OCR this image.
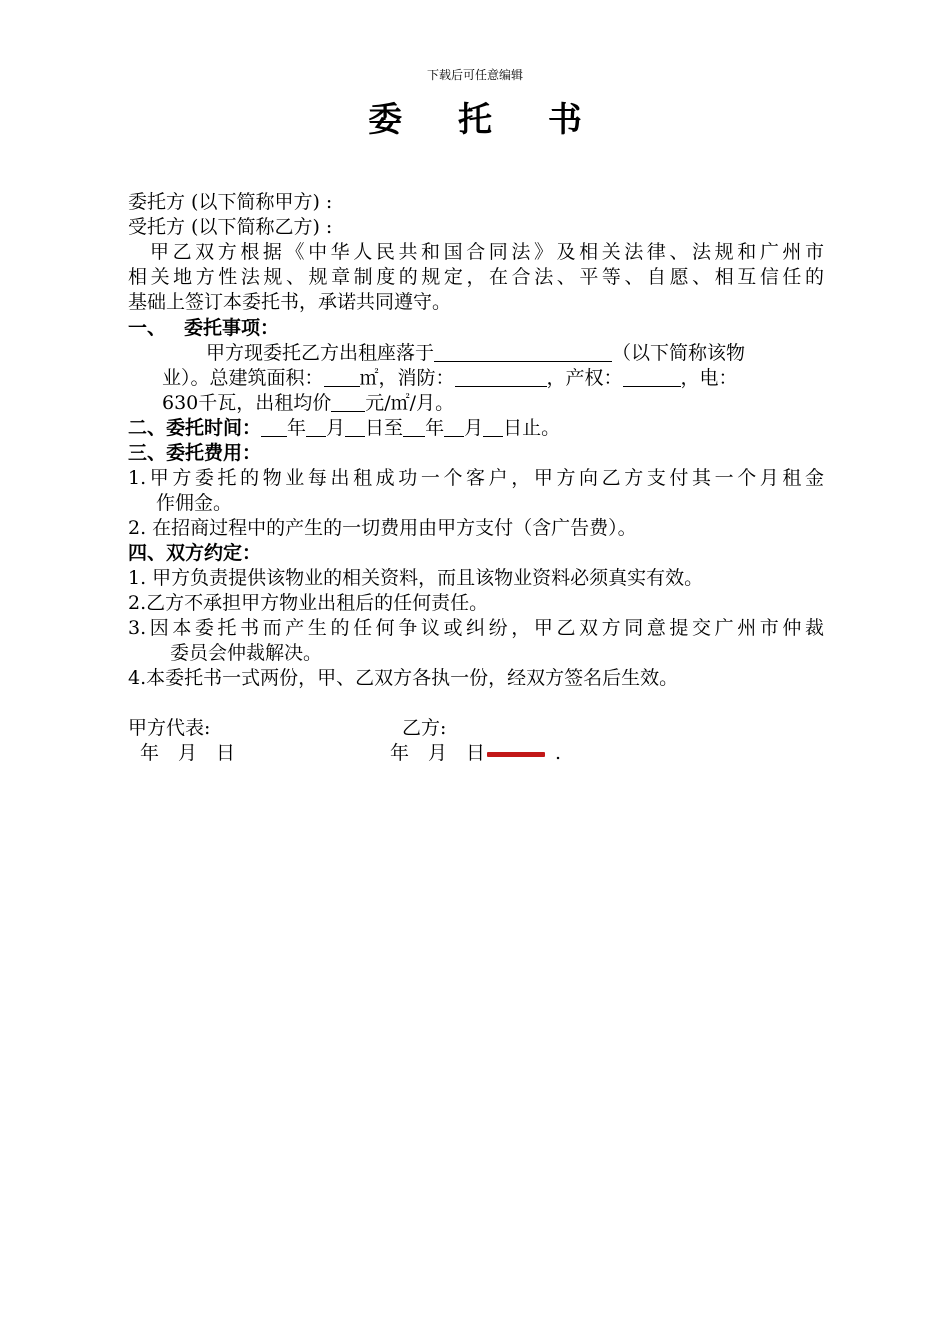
下载后可任意编辑
委 托 书
委托方 (以下简称甲方) :
受托方 (以下简称乙方) :
甲乙双方根据《中华人民共和国合同法》及相关法律、法规和广州市
相关地方性法规、规章制度的规定，在合法、平等、自愿、相互信任的
基础上签订本委托书，承诺共同遵守。
一、 委托事项：
甲方现委托乙方出租座落于	（以下简称该物
业）。总建筑面积： ㎡，消防：	，产权：	，电：
630千瓦，出租均价 元/㎡/月。
二、委托时间： 年 月 日至 年 月 日止。
三、委托费用：
1.甲方委托的物业每出租成功一个客户，甲方向乙方支付其一个月租金
作佣金。
2. 在招商过程中的产生的一切费用由甲方支付（含广告费）。
四、双方约定：
1. 甲方负责提供该物业的相关资料，而且该物业资料必须真实有效。
2.乙方不承担甲方物业出租后的任何责任。
3.因本委托书而产生的任何争议或纠纷，甲乙双方同意提交广州市仲裁
委员会仲裁解决。
4.本委托书一式两份，甲、乙双方各执一份，经双方签名后生效。
甲方代表:	乙方:
年　月　日	年　月　日	.
